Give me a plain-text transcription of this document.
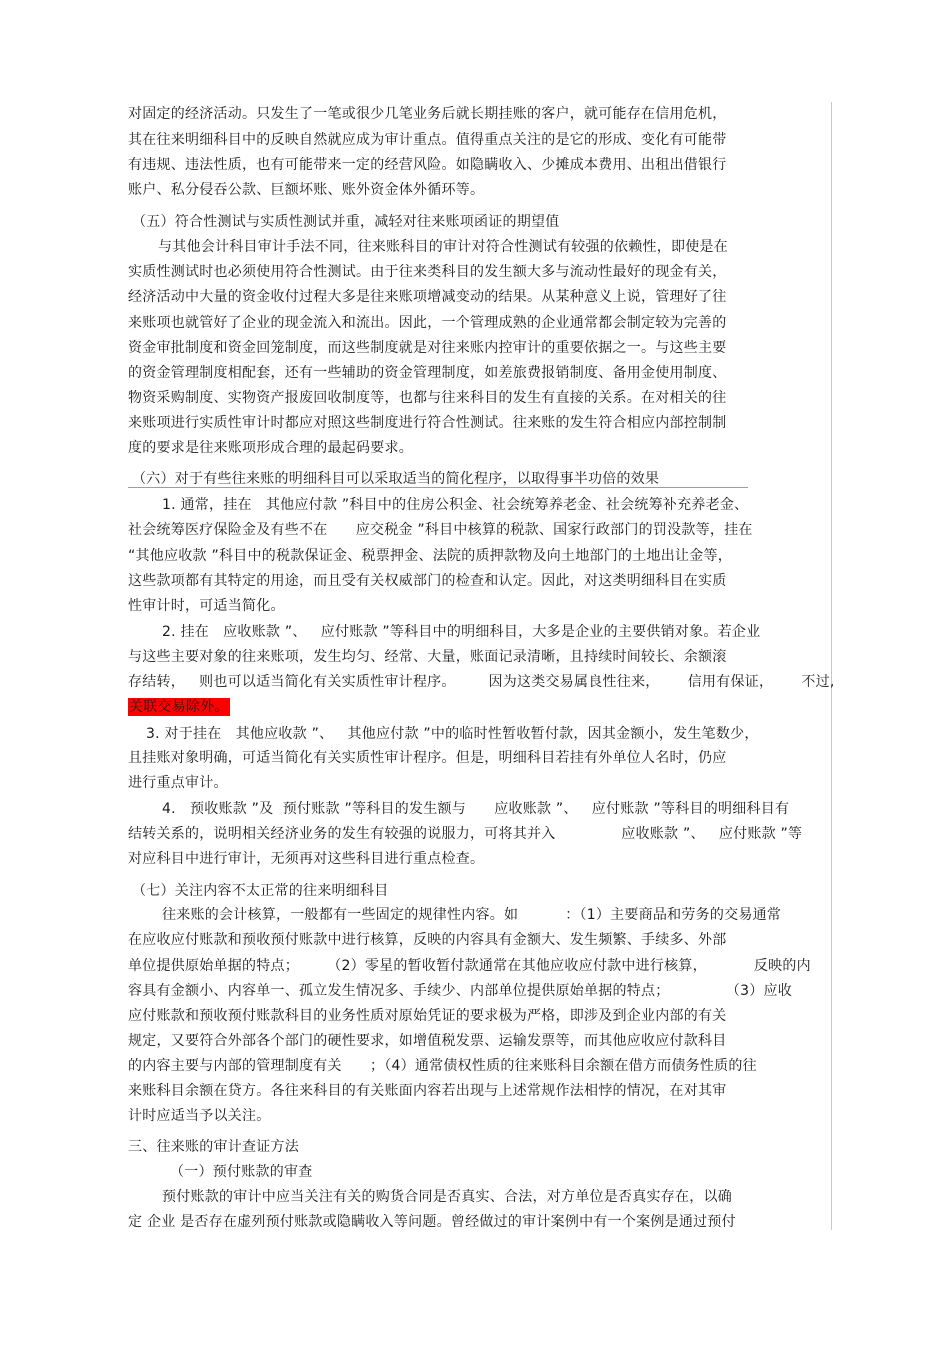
对固定的经济活动。只发生了一笔或很少几笔业务后就长期挂账的客户，就可能存在信用危机，
其在往来明细科目中的反映自然就应成为审计重点。值得重点关注的是它的形成、变化有可能带
有违规、违法性质，也有可能带来一定的经营风险。如隐瞒收入、少摊成本费用、出租出借银行
账户、私分侵吞公款、巨额坏账、账外资金体外循环等。
（五）符合性测试与实质性测试并重，减轻对往来账项函证的期望值
与其他会计科目审计手法不同，往来账科目的审计对符合性测试有较强的依赖性，即使是在
实质性测试时也必须使用符合性测试。由于往来类科目的发生额大多与流动性最好的现金有关，
经济活动中大量的资金收付过程大多是往来账项增减变动的结果。从某种意义上说，管理好了往
来账项也就管好了企业的现金流入和流出。因此，一个管理成熟的企业通常都会制定较为完善的
资金审批制度和资金回笼制度，而这些制度就是对往来账内控审计的重要依据之一。与这些主要
的资金管理制度相配套，还有一些辅助的资金管理制度，如差旅费报销制度、备用金使用制度、
物资采购制度、实物资产报废回收制度等，也都与往来科目的发生有直接的关系。在对相关的往
来账项进行实质性审计时都应对照这些制度进行符合性测试。往来账的发生符合相应内部控制制
度的要求是往来账项形成合理的最起码要求。
（六）对于有些往来账的明细科目可以采取适当的简化程序，以取得事半功倍的效果
1. 通常，挂在   其他应付款 ”科目中的住房公积金、社会统筹养老金、社会统筹补充养老金、
社会统筹医疗保险金及有些不在      应交税金 ”科目中核算的税款、国家行政部门的罚没款等，挂在
“其他应收款 ”科目中的税款保证金、税票押金、法院的质押款物及向土地部门的土地出让金等，
这些款项都有其特定的用途，而且受有关权威部门的检查和认定。因此，对这类明细科目在实质
性审计时，可适当简化。
2. 挂在   应收账款 ”、   应付账款 ”等科目中的明细科目，大多是企业的主要供销对象。若企业
与这些主要对象的往来账项，发生均匀、经常、大量，账面记录清晰，且持续时间较长、余额滚
存结转，   则也可以适当简化有关实质性审计程序。       因为这类交易属良性往来，      信用有保证，      不过,
关联交易除外。
3. 对于挂在   其他应收款 ”、   其他应付款 ”中的临时性暂收暂付款，因其金额小，发生笔数少，
且挂账对象明确，可适当简化有关实质性审计程序。但是，明细科目若挂有外单位人名时，仍应
进行重点审计。
4.   预收账款 ”及  预付账款 ”等科目的发生额与      应收账款 ”、   应付账款 ”等科目的明细科目有
结转关系的，说明相关经济业务的发生有较强的说服力，可将其并入              应收账款 ”、   应付账款 ”等
对应科目中进行审计，无须再对这些科目进行重点检查。
（七）关注内容不太正常的往来明细科目
往来账的会计核算，一般都有一些固定的规律性内容。如          ：（1）主要商品和劳务的交易通常
在应收应付账款和预收预付账款中进行核算，反映的内容具有金额大、发生频繁、手续多、外部
单位提供原始单据的特点；      （2）零星的暂收暂付款通常在其他应收应付款中进行核算，          反映的内
容具有金额小、内容单一、孤立发生情况多、手续少、内部单位提供原始单据的特点；            （3）应收
应付账款和预收预付账款科目的业务性质对原始凭证的要求极为严格，即涉及到企业内部的有关
规定，又要符合外部各个部门的硬性要求，如增值税发票、运输发票等，而其他应收应付款科目
的内容主要与内部的管理制度有关      ；（4）通常债权性质的往来账科目余额在借方而债务性质的往
来账科目余额在贷方。各往来科目的有关账面内容若出现与上述常规作法相悖的情况，在对其审
计时应适当予以关注。
三、往来账的审计查证方法
（一）预付账款的审查
预付账款的审计中应当关注有关的购货合同是否真实、合法，对方单位是否真实存在，以确
定 企业 是否存在虚列预付账款或隐瞒收入等问题。曾经做过的审计案例中有一个案例是通过预付
